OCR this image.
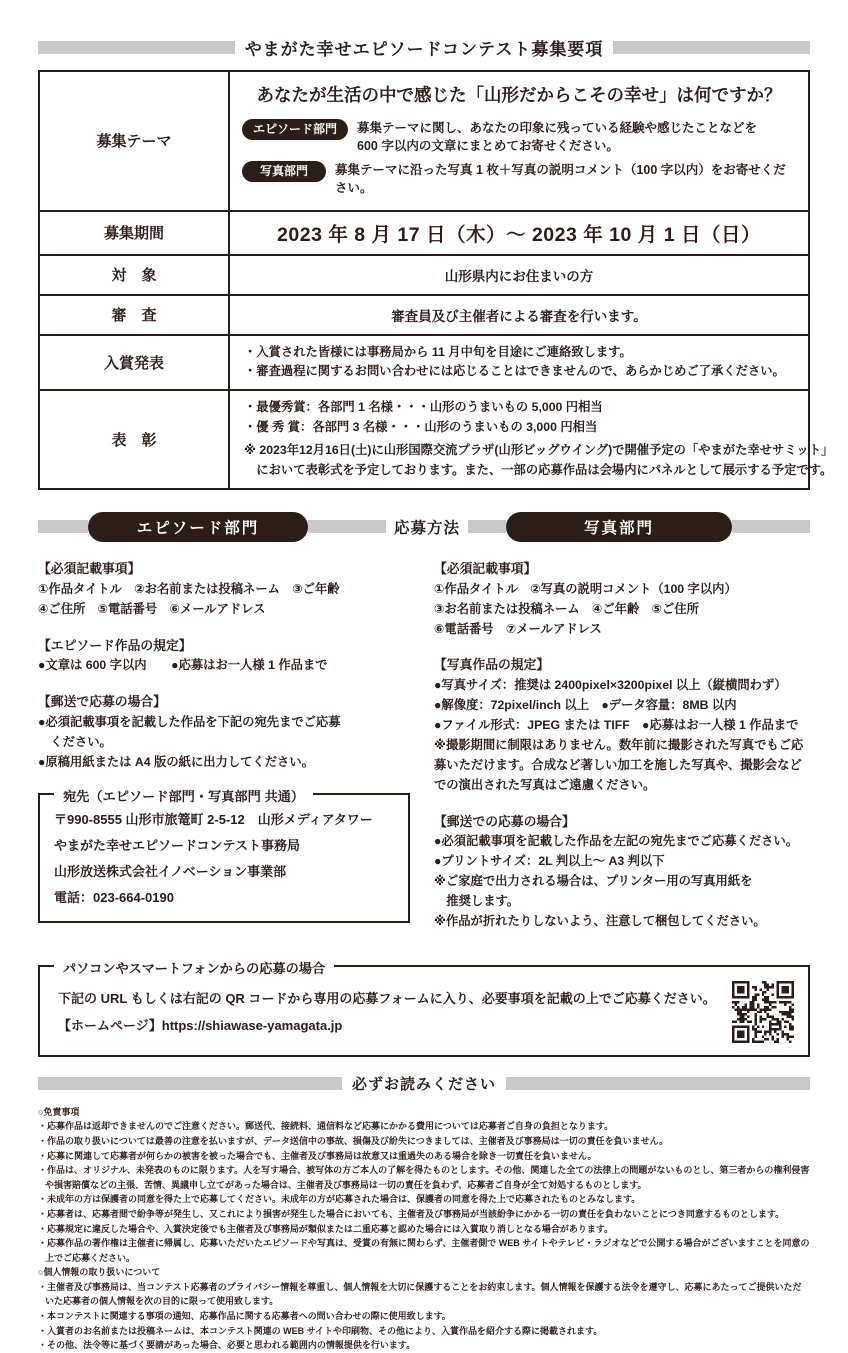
やまがた幸せエピソードコンテスト募集要項
募集テーマ
あなたが生活の中で感じた「山形だからこその幸せ」は何ですか？
エピソード部門	募集テーマに関し、あなたの印象に残っている経験や感じたことなどを
600 字以内の文章にまとめてお寄せください。
写真部門	募集テーマに沿った写真 1 枚＋写真の説明コメント（100 字以内）をお寄せください。
募集期間	2023 年 8 月 17 日（木）～ 2023 年 10 月 1 日（日）
対　象	山形県内にお住まいの方
審　査	審査員及び主催者による審査を行います。
入賞発表
・入賞された皆様には事務局から 11 月中旬を目途にご連絡致します。
・審査過程に関するお問い合わせには応じることはできませんので、あらかじめご了承ください。
表　彰
・最優秀賞：各部門 1 名様・・・山形のうまいもの 5,000 円相当
・優 秀 賞：各部門 3 名様・・・山形のうまいもの 3,000 円相当
※ 2023年12月16日(土)に山形国際交流プラザ(山形ビッグウイング)で開催予定の「やまがた幸せサミット」
　において表彰式を予定しております。また、一部の応募作品は会場内にパネルとして展示する予定です。
エピソード部門	応募方法	写真部門
【必須記載事項】
①作品タイトル　②お名前または投稿ネーム　③ご年齢
④ご住所　⑤電話番号　⑥メールアドレス
【エピソード作品の規定】
●文章は 600 字以内　　●応募はお一人様 1 作品まで
【郵送で応募の場合】
●必須記載事項を記載した作品を下記の宛先までご応募
　ください。
●原稿用紙または A4 版の紙に出力してください。
宛先（エピソード部門・写真部門 共通）
〒990-8555 山形市旅篭町 2-5-12　山形メディアタワー
やまがた幸せエピソードコンテスト事務局
山形放送株式会社イノベーション事業部
電話：023-664-0190
【必須記載事項】
①作品タイトル　②写真の説明コメント（100 字以内）
③お名前または投稿ネーム　④ご年齢　⑤ご住所
⑥電話番号　⑦メールアドレス
【写真作品の規定】
●写真サイズ：推奨は 2400pixel×3200pixel 以上（縦横問わず）
●解像度：72pixel/inch 以上　●データ容量：8MB 以内
●ファイル形式：JPEG または TIFF　●応募はお一人様 1 作品まで
※撮影期間に制限はありません。数年前に撮影された写真でもご応募いただけます。合成など著しい加工を施した写真や、撮影会などでの演出された写真はご遠慮ください。
【郵送での応募の場合】
●必須記載事項を記載した作品を左記の宛先までご応募ください。
●プリントサイズ：2L 判以上～ A3 判以下
※ご家庭で出力される場合は、プリンター用の写真用紙を
　推奨します。
※作品が折れたりしないよう、注意して梱包してください。
パソコンやスマートフォンからの応募の場合
下記の URL もしくは右記の QR コードから専用の応募フォームに入り、必要事項を記載の上でご応募ください。
【ホームページ】https://shiawase-yamagata.jp
必ずお読みください
○免責事項
・応募作品は返却できませんのでご注意ください。郵送代、接続料、通信料など応募にかかる費用については応募者ご自身の負担となります。
・作品の取り扱いについては最善の注意を払いますが、データ送信中の事故、損傷及び紛失につきましては、主催者及び事務局は一切の責任を負いません。
・応募に関連して応募者が何らかの被害を被った場合でも、主催者及び事務局は故意又は重過失のある場合を除き一切責任を負いません。
・作品は、オリジナル、未発表のものに限ります。人を写す場合、被写体の方ご本人の了解を得たものとします。その他、関連した全ての法律上の問題がないものとし、第三者からの権利侵害や損害賠償などの主張、苦情、異議申し立てがあった場合は、主催者及び事務局は一切の責任を負わず、応募者ご自身が全て対処するものとします。
・未成年の方は保護者の同意を得た上で応募してください。未成年の方が応募された場合は、保護者の同意を得た上で応募されたものとみなします。
・応募者は、応募者間で紛争等が発生し、又これにより損害が発生した場合においても、主催者及び事務局が当該紛争にかかる一切の責任を負わないことにつき同意するものとします。
・応募規定に違反した場合や、入賞決定後でも主催者及び事務局が類似または二重応募と認めた場合には入賞取り消しとなる場合があります。
・応募作品の著作権は主催者に帰属し、応募いただいたエピソードや写真は、受賞の有無に関わらず、主催者側で WEB サイトやテレビ・ラジオなどで公開する場合がございますことを同意の上でご応募ください。
○個人情報の取り扱いについて
・主催者及び事務局は、当コンテスト応募者のプライバシー情報を尊重し、個人情報を大切に保護することをお約束します。個人情報を保護する法令を遵守し、応募にあたってご提供いただいた応募者の個人情報を次の目的に限って使用致します。
・本コンテストに関連する事項の通知、応募作品に関する応募者への問い合わせの際に使用致します。
・入賞者のお名前または投稿ネームは、本コンテスト関連の WEB サイトや印刷物、その他により、入賞作品を紹介する際に掲載されます。
・その他、法令等に基づく要請があった場合、必要と思われる範囲内の情報提供を行います。
